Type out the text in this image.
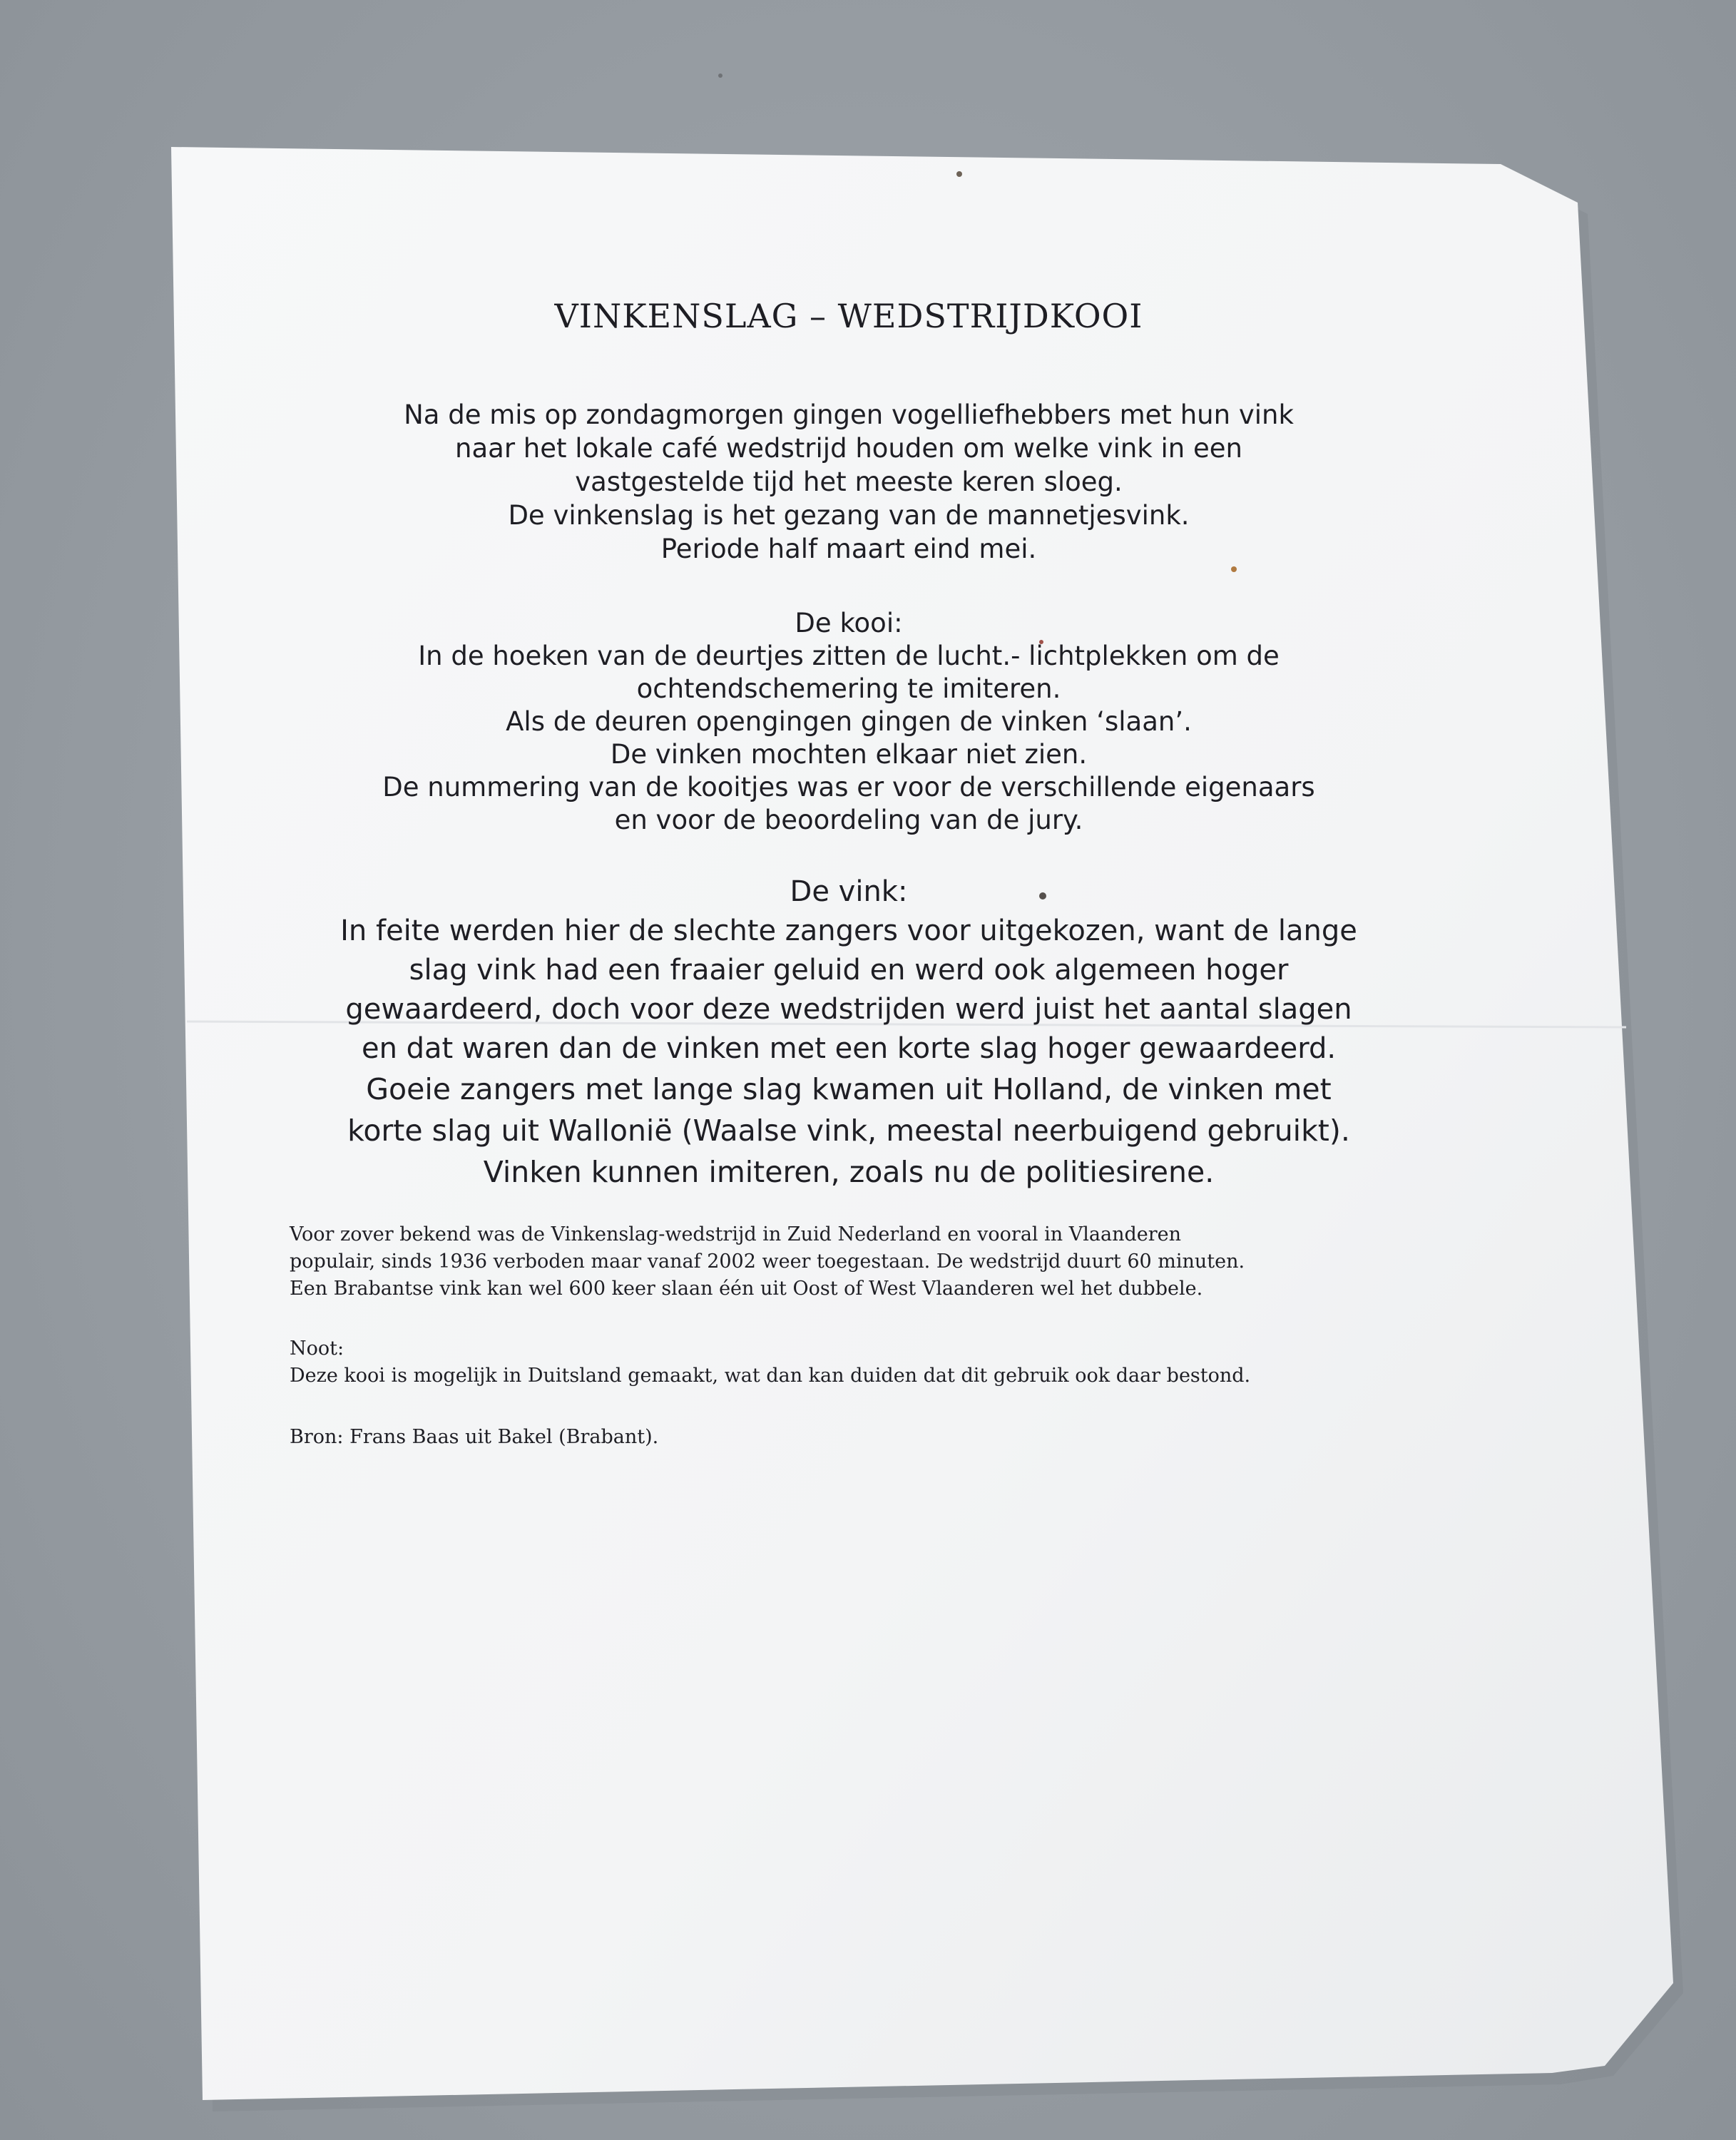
VINKENSLAG – WEDSTRIJDKOOI

Na de mis op zondagmorgen gingen vogelliefhebbers met hun vink

naar het lokale café wedstrijd houden om welke vink in een

vastgestelde tijd het meeste keren sloeg.

De vinkenslag is het gezang van de mannetjesvink.

Periode half maart eind mei.

De kooi:

In de hoeken van de deurtjes zitten de lucht.- lichtplekken om de

ochtendschemering te imiteren.

Als de deuren opengingen gingen de vinken ‘slaan’.

De vinken mochten elkaar niet zien.

De nummering van de kooitjes was er voor de verschillende eigenaars

en voor de beoordeling van de jury.

De vink:

In feite werden hier de slechte zangers voor uitgekozen, want de lange

slag vink had een fraaier geluid en werd ook algemeen hoger

gewaardeerd, doch voor deze wedstrijden werd juist het aantal slagen

en dat waren dan de vinken met een korte slag hoger gewaardeerd.

Goeie zangers met lange slag kwamen uit Holland, de vinken met

korte slag uit Wallonië (Waalse vink, meestal neerbuigend gebruikt).

Vinken kunnen imiteren, zoals nu de politiesirene.

Voor zover bekend was de Vinkenslag-wedstrijd in Zuid Nederland en vooral in Vlaanderen

populair, sinds 1936 verboden maar vanaf 2002 weer toegestaan. De wedstrijd duurt 60 minuten.

Een Brabantse vink kan wel 600 keer slaan één uit Oost of West Vlaanderen wel het dubbele.

Noot:

Deze kooi is mogelijk in Duitsland gemaakt, wat dan kan duiden dat dit gebruik ook daar bestond.

Bron: Frans Baas uit Bakel (Brabant).
